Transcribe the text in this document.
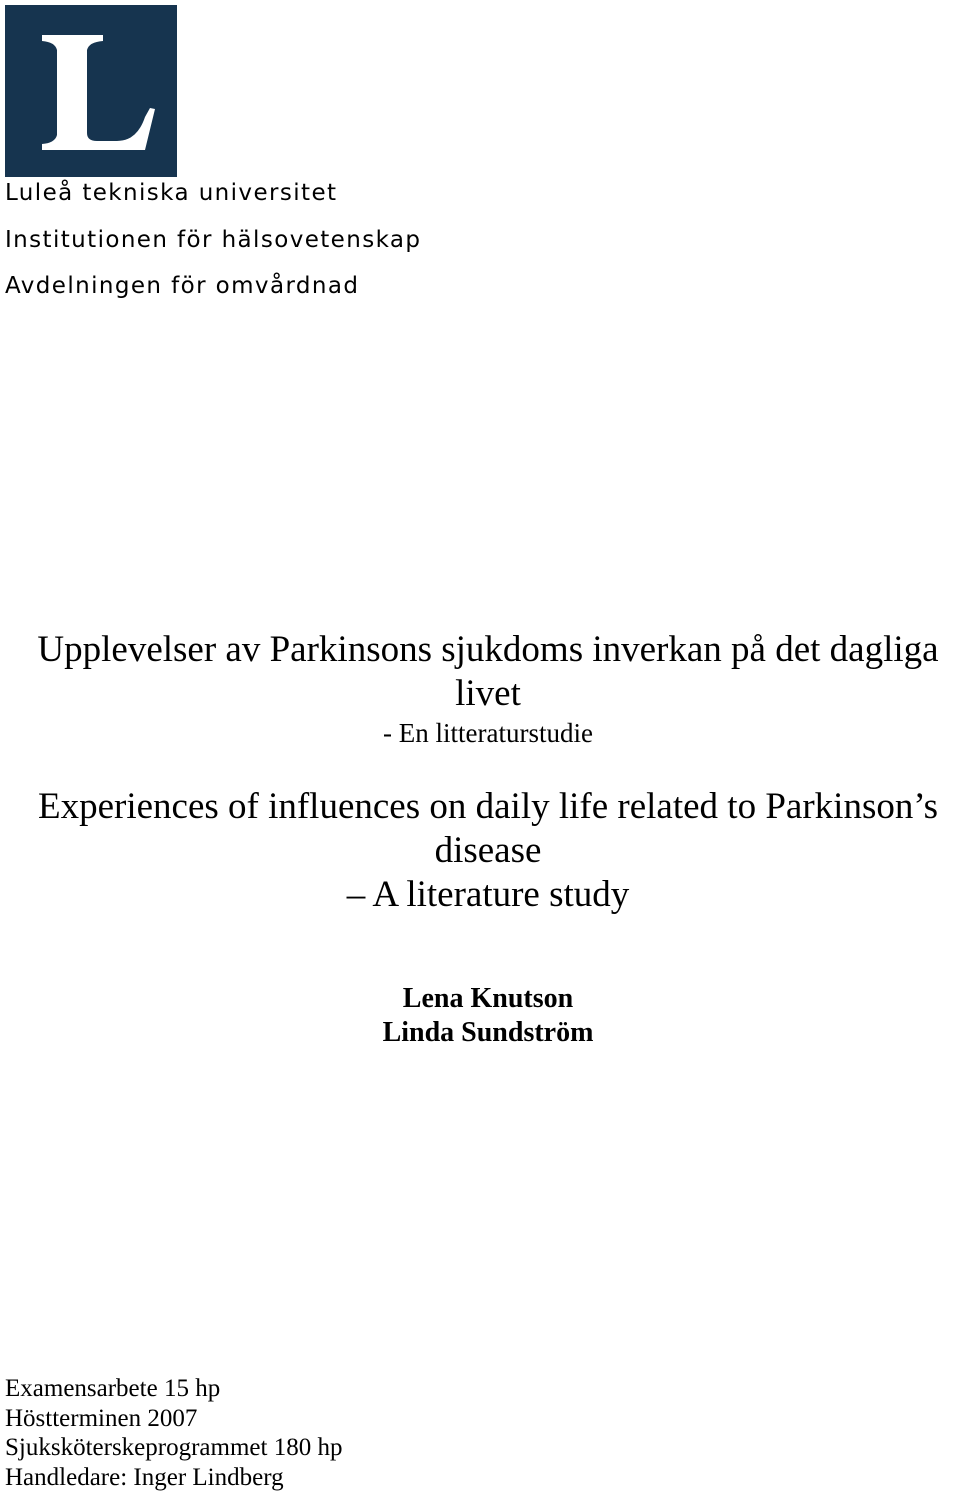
Luleå tekniska universitet
Institutionen för hälsovetenskap
Avdelningen för omvårdnad
Upplevelser av Parkinsons sjukdoms inverkan på det dagliga
livet
- En litteraturstudie
Experiences of influences on daily life related to Parkinson’s
disease
– A literature study
Lena Knutson
Linda Sundström
Examensarbete 15 hp
Höstterminen 2007
Sjuksköterskeprogrammet 180 hp
Handledare: Inger Lindberg
